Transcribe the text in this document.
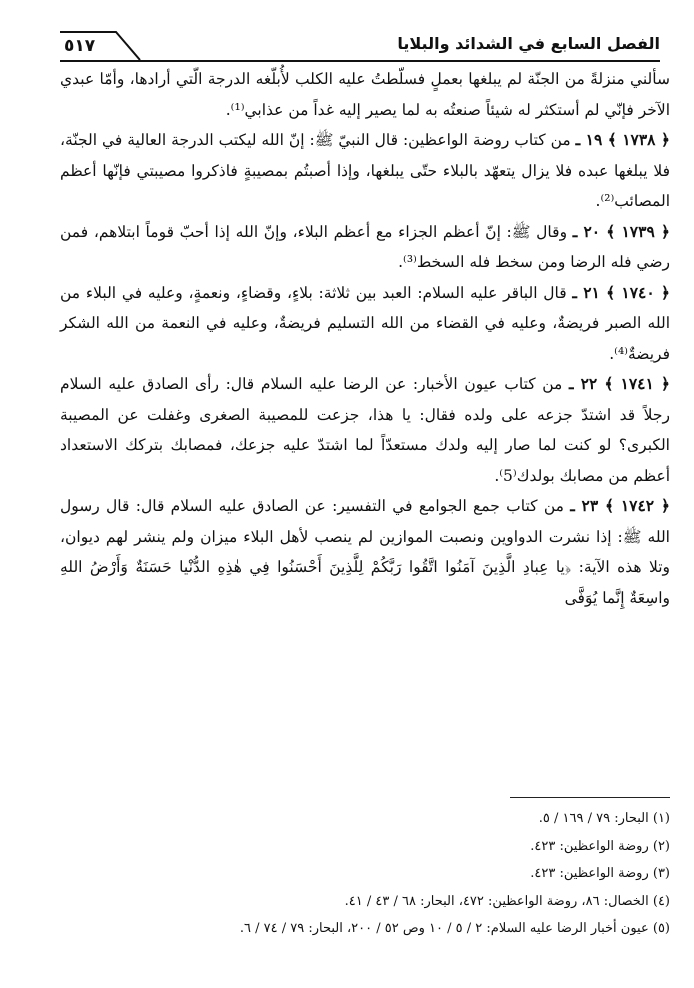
الفصل السابع في الشدائد والبلايا
٥١٧

سألني منزلةً من الجنّة لم يبلغها بعملٍ فسلّطتُ عليه الكلب لأُبلّغه الدرجة الّتي أرادها، وأمّا عبدي الآخر فإنّي لم أستكثر له شيئاً صنعتُه به لما يصير إليه غداً من عذابي⁽¹⁾.

﴿ ١٧٣٨ ﴾ ١٩ ـ من كتاب روضة الواعظين: قال النبيّ ﷺ: إنّ الله ليكتب الدرجة العالية في الجنّة، فلا يبلغها عبده فلا يزال يتعهّد بالبلاء حتّى يبلغها، وإذا أصبتُم بمصيبةٍ فاذكروا مصيبتي فإنّها أعظم المصائب⁽²⁾.

﴿ ١٧٣٩ ﴾ ٢٠ ـ وقال ﷺ: إنّ أعظم الجزاء مع أعظم البلاء، وإنّ الله إذا أحبّ قوماً ابتلاهم، فمن رضي فله الرضا ومن سخط فله السخط⁽³⁾.

﴿ ١٧٤٠ ﴾ ٢١ ـ قال الباقر عليه السلام: العبد بين ثلاثة: بلاءٍ، وقضاءٍ، ونعمةٍ، وعليه في البلاء من الله الصبر فريضةٌ، وعليه في القضاء من الله التسليم فريضةٌ، وعليه في النعمة من الله الشكر فريضةٌ⁽⁴⁾.

﴿ ١٧٤١ ﴾ ٢٢ ـ من كتاب عيون الأخبار: عن الرضا عليه السلام قال: رأى الصادق عليه السلام رجلاً قد اشتدّ جزعه على ولده فقال: يا هذا، جزعت للمصيبة الصغرى وغفلت عن المصيبة الكبرى؟ لو كنت لما صار إليه ولدك مستعدّاً لما اشتدّ عليه جزعك، فمصابك بتركك الاستعداد أعظم من مصابك بولدك⁽5⁾.

﴿ ١٧٤٢ ﴾ ٢٣ ـ من كتاب جمع الجوامع في التفسير: عن الصادق عليه السلام قال: قال رسول الله ﷺ: إذا نشرت الدواوين ونصبت الموازين لم ينصب لأهل البلاء ميزان ولم ينشر لهم ديوان، وتلا هذه الآية: ﴿يا عِبادِ الَّذِينَ آمَنُوا اتَّقُوا رَبَّكُمْ لِلَّذِينَ أَحْسَنُوا فِي هٰذِهِ الدُّنْيا حَسَنَةٌ وَأَرْضُ اللهِ واسِعَةٌ إِنَّما يُوَفَّى

(١) البحار: ٧٩ / ١٦٩ / ٥.

(٢) روضة الواعظين: ٤٢٣.

(٣) روضة الواعظين: ٤٢٣.

(٤) الخصال: ٨٦، روضة الواعظين: ٤٧٢، البحار: ٦٨ / ٤٣ / ٤١.

(٥) عيون أخبار الرضا عليه السلام: ٢ / ٥ / ١٠ وص ٥٢ / ٢٠٠، البحار: ٧٩ / ٧٤ / ٦.
